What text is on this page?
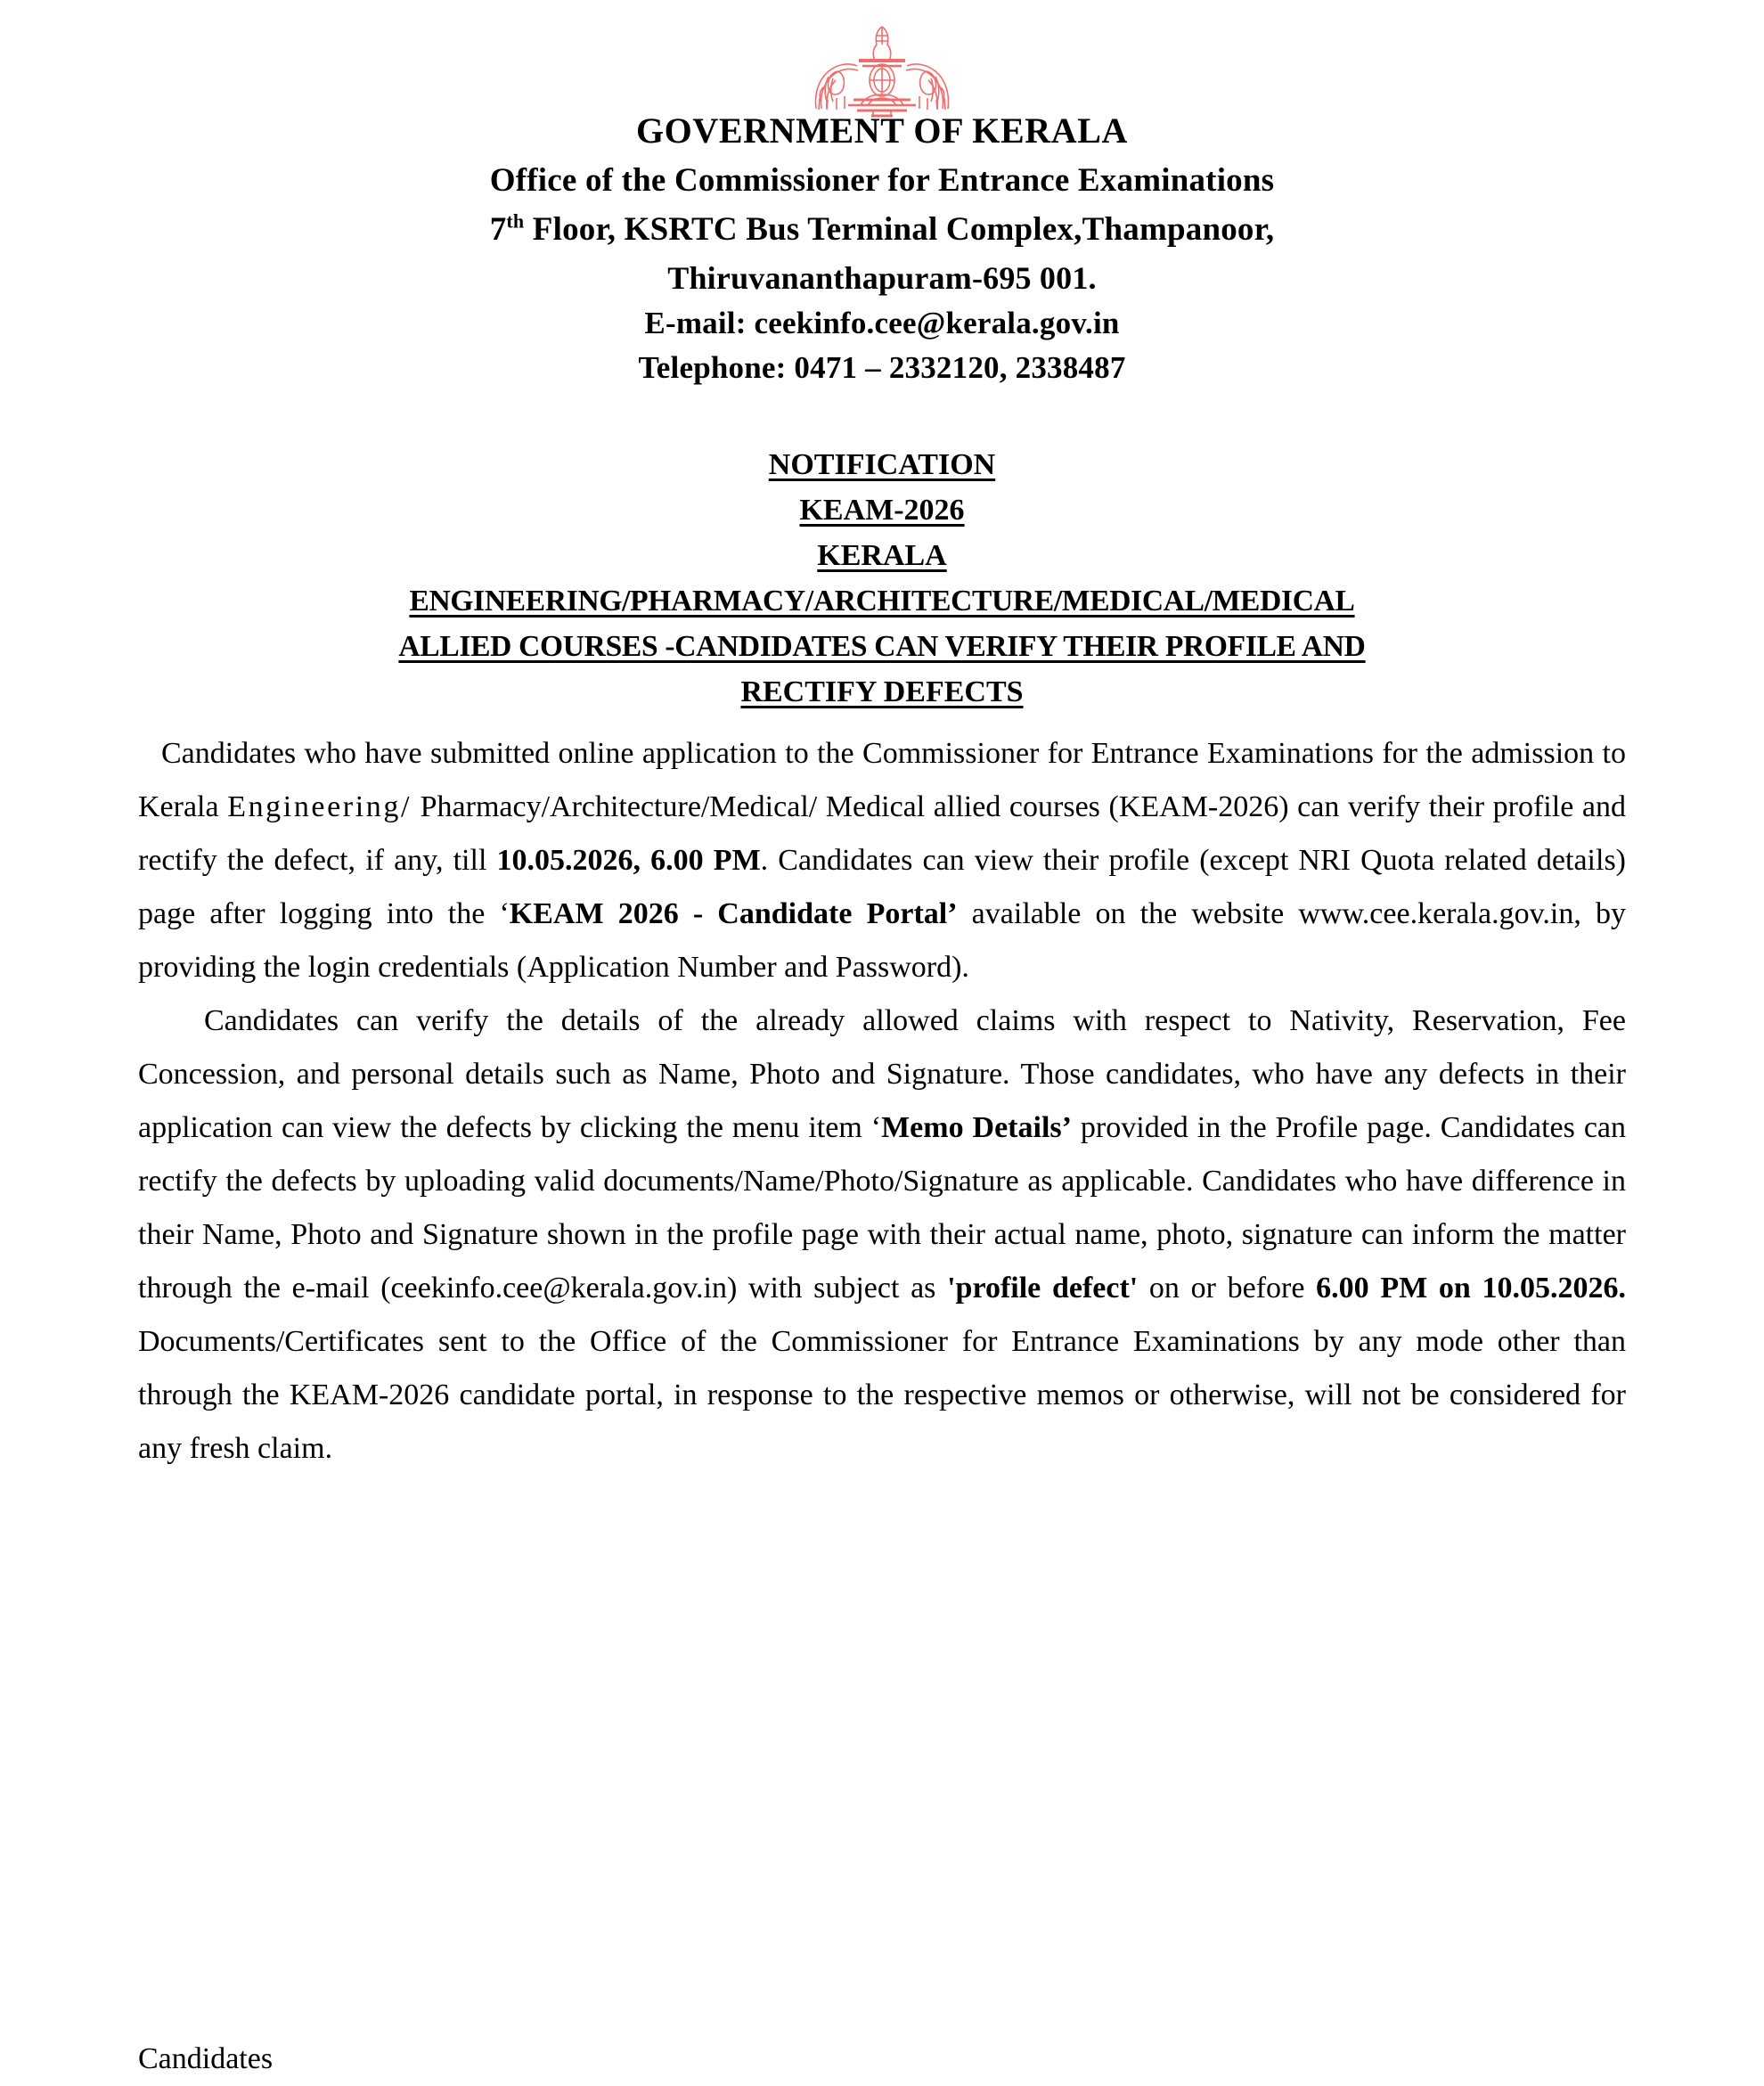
GOVERNMENT OF KERALA
Office of the Commissioner for Entrance Examinations
7th Floor, KSRTC Bus Terminal Complex,Thampanoor,
Thiruvananthapuram-695 001.
E-mail: ceekinfo.cee@kerala.gov.in
Telephone: 0471 – 2332120, 2338487
NOTIFICATION
KEAM-2026
KERALA
ENGINEERING/PHARMACY/ARCHITECTURE/MEDICAL/MEDICAL
ALLIED COURSES -CANDIDATES CAN VERIFY THEIR PROFILE AND
RECTIFY DEFECTS

Candidates who have submitted online application to the Commissioner for Entrance Examinations for the admission to Kerala Engineering/ Pharmacy/Architecture/Medical/ Medical allied courses (KEAM-2026) can verify their profile and rectify the defect, if any, till 10.05.2026, 6.00 PM. Candidates can view their profile (except NRI Quota related details) page after logging into the ‘KEAM 2026 - Candidate Portal’ available on the website www.cee.kerala.gov.in, by providing the login credentials (Application Number and Password).

Candidates can verify the details of the already allowed claims with respect to Nativity, Reservation, Fee Concession, and personal details such as Name, Photo and Signature. Those candidates, who have any defects in their application can view the defects by clicking the menu item ‘Memo Details’ provided in the Profile page. Candidates can rectify the defects by uploading valid documents/Name/Photo/Signature as applicable. Candidates who have difference in their Name, Photo and Signature shown in the profile page with their actual name, photo, signature can inform the matter through the e-mail (ceekinfo.cee@kerala.gov.in) with subject as 'profile defect' on or before 6.00 PM on 10.05.2026. Documents/Certificates sent to the Office of the Commissioner for Entrance Examinations by any mode other than through the KEAM-2026 candidate portal, in response to the respective memos or otherwise, will not be considered for any fresh claim.

Candidates
